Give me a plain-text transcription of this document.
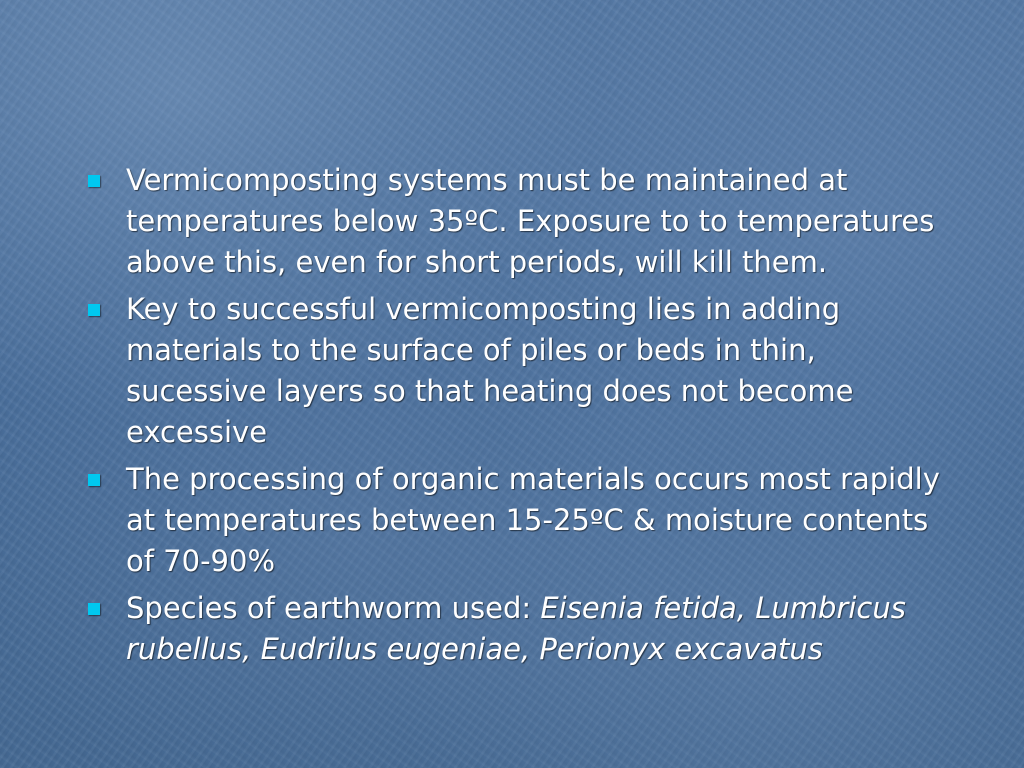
Vermicomposting systems must be maintained at temperatures below 35ºC. Exposure to to temperatures above this, even for short periods, will kill them.
Key to successful vermicomposting lies in adding materials to the surface of piles or beds in thin, sucessive layers so that heating does not become excessive
The processing of organic materials occurs most rapidly at temperatures between 15-25ºC & moisture contents of 70-90%
Species of earthworm used: Eisenia fetida, Lumbricus rubellus, Eudrilus eugeniae, Perionyx excavatus
